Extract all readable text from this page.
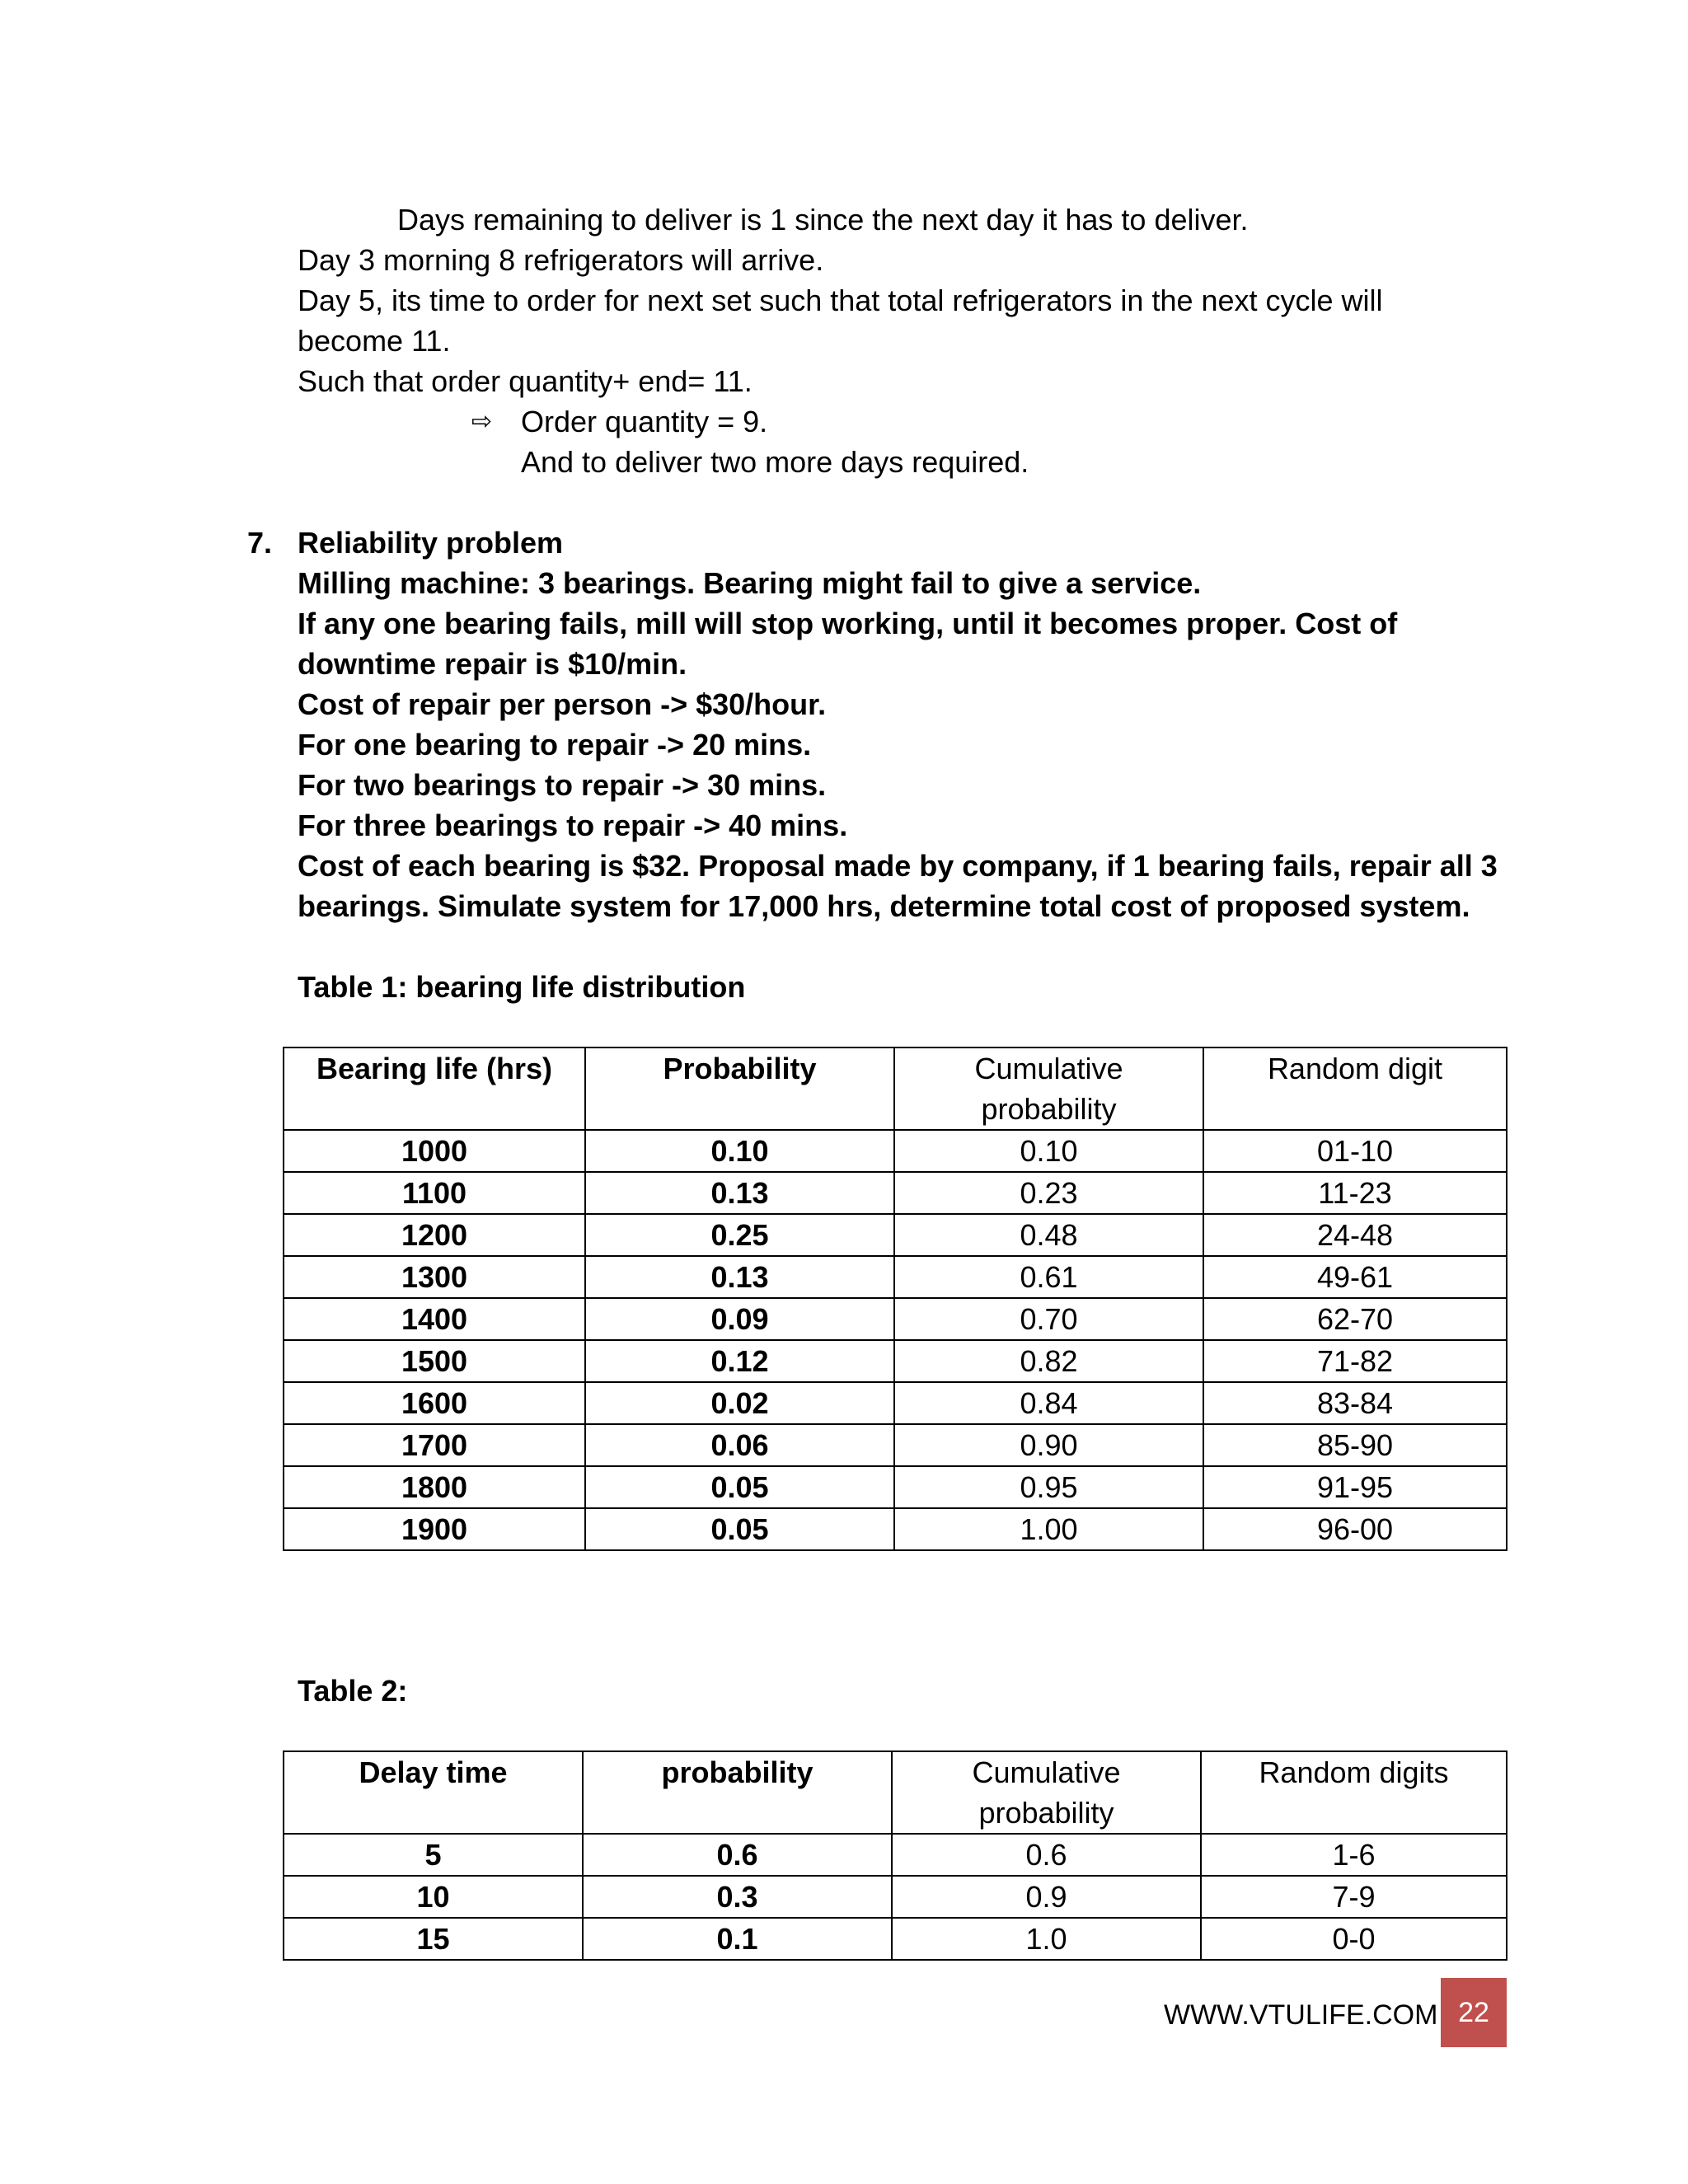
Days remaining to deliver is 1 since the next day it has to deliver.
Day 3 morning 8 refrigerators will arrive.
Day 5, its time to order for next set such that total refrigerators in the next cycle will
become 11.
Such that order quantity+ end= 11.
⇨ Order quantity = 9.
And to deliver two more days required.
7. Reliability problem
Milling machine: 3 bearings. Bearing might fail to give a service.
If any one bearing fails, mill will stop working, until it becomes proper. Cost of
downtime repair is $10/min.
Cost of repair per person -> $30/hour.
For one bearing to repair -> 20 mins.
For two bearings to repair -> 30 mins.
For three bearings to repair -> 40 mins.
Cost of each bearing is $32. Proposal made by company, if 1 bearing fails, repair all 3
bearings. Simulate system for 17,000 hrs, determine total cost of proposed system.
Table 1: bearing life distribution
Bearing life (hrs)	Probability	Cumulative probability	Random digit
1000	0.10	0.10	01-10
1100	0.13	0.23	11-23
1200	0.25	0.48	24-48
1300	0.13	0.61	49-61
1400	0.09	0.70	62-70
1500	0.12	0.82	71-82
1600	0.02	0.84	83-84
1700	0.06	0.90	85-90
1800	0.05	0.95	91-95
1900	0.05	1.00	96-00
Table 2:
Delay time	probability	Cumulative probability	Random digits
5	0.6	0.6	1-6
10	0.3	0.9	7-9
15	0.1	1.0	0-0
WWW.VTULIFE.COM 22
